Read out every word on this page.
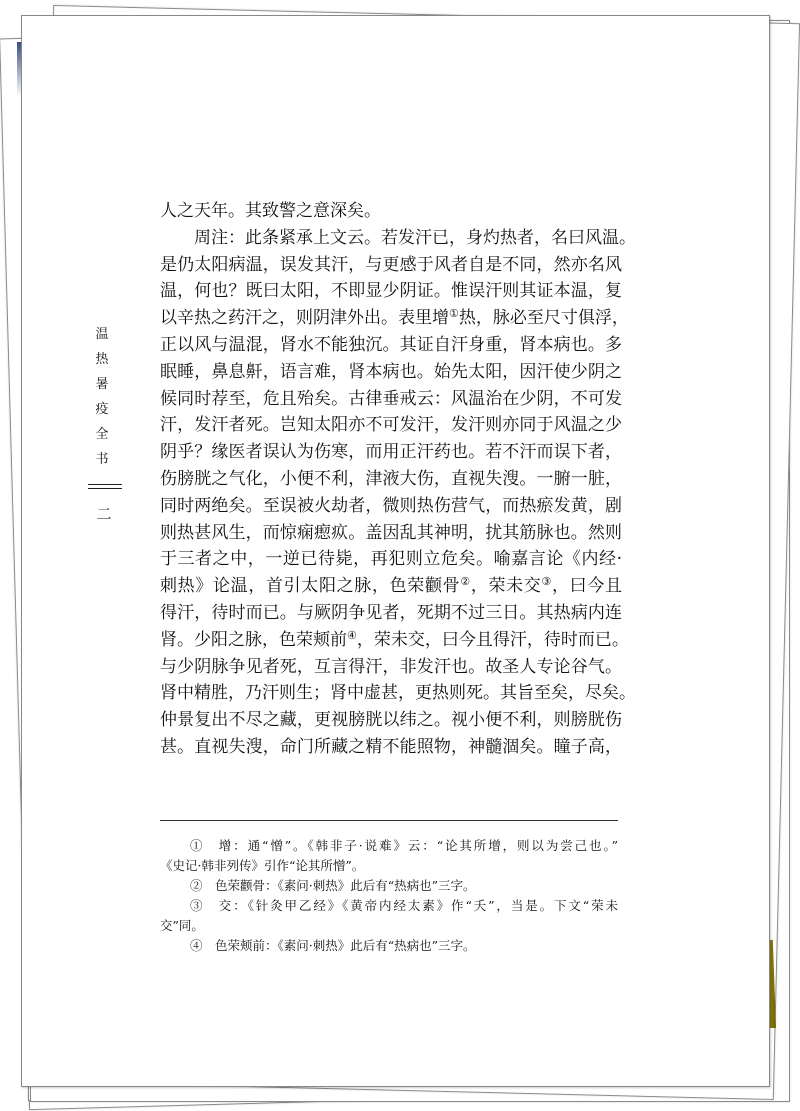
温
热
暑
疫
全
书
二
人之天年。其致警之意深矣。
周注：此条紧承上文云。若发汗已，身灼热者，名曰风温。
是仍太阳病温，误发其汗，与更感于风者自是不同，然亦名风
温，何也？既曰太阳，不即显少阴证。惟误汗则其证本温，复
以辛热之药汗之，则阴津外出。表里增①热，脉必至尺寸俱浮，
正以风与温混，肾水不能独沉。其证自汗身重，肾本病也。多
眠睡，鼻息鼾，语言难，肾本病也。始先太阳，因汗使少阴之
候同时荐至，危且殆矣。古律垂戒云：风温治在少阴，不可发
汗，发汗者死。岂知太阳亦不可发汗，发汗则亦同于风温之少
阴乎？缘医者误认为伤寒，而用正汗药也。若不汗而误下者，
伤膀胱之气化，小便不利，津液大伤，直视失溲。一腑一脏，
同时两绝矣。至误被火劫者，微则热伤营气，而热瘀发黄，剧
则热甚风生，而惊痫瘛疭。盖因乱其神明，扰其筋脉也。然则
于三者之中，一逆已待毙，再犯则立危矣。喻嘉言论《内经·
刺热》论温，首引太阳之脉，色荣颧骨②，荣未交③，曰今且
得汗，待时而已。与厥阴争见者，死期不过三日。其热病内连
肾。少阳之脉，色荣颊前④，荣未交，曰今且得汗，待时而已。
与少阴脉争见者死，互言得汗，非发汗也。故圣人专论谷气。
肾中精胜，乃汗则生；肾中虚甚，更热则死。其旨至矣，尽矣。
仲景复出不尽之藏，更视膀胱以纬之。视小便不利，则膀胱伤
甚。直视失溲，命门所藏之精不能照物，神髓涸矣。瞳子高，
①　增：通“憎”。《韩非子·说难》云：“论其所增，则以为尝己也。”
《史记·韩非列传》引作“论其所憎”。
②　色荣颧骨：《素问·刺热》此后有“热病也”三字。
③　交：《针灸甲乙经》《黄帝内经太素》作“夭”，当是。下文“荣未
交”同。
④　色荣颊前：《素问·刺热》此后有“热病也”三字。
